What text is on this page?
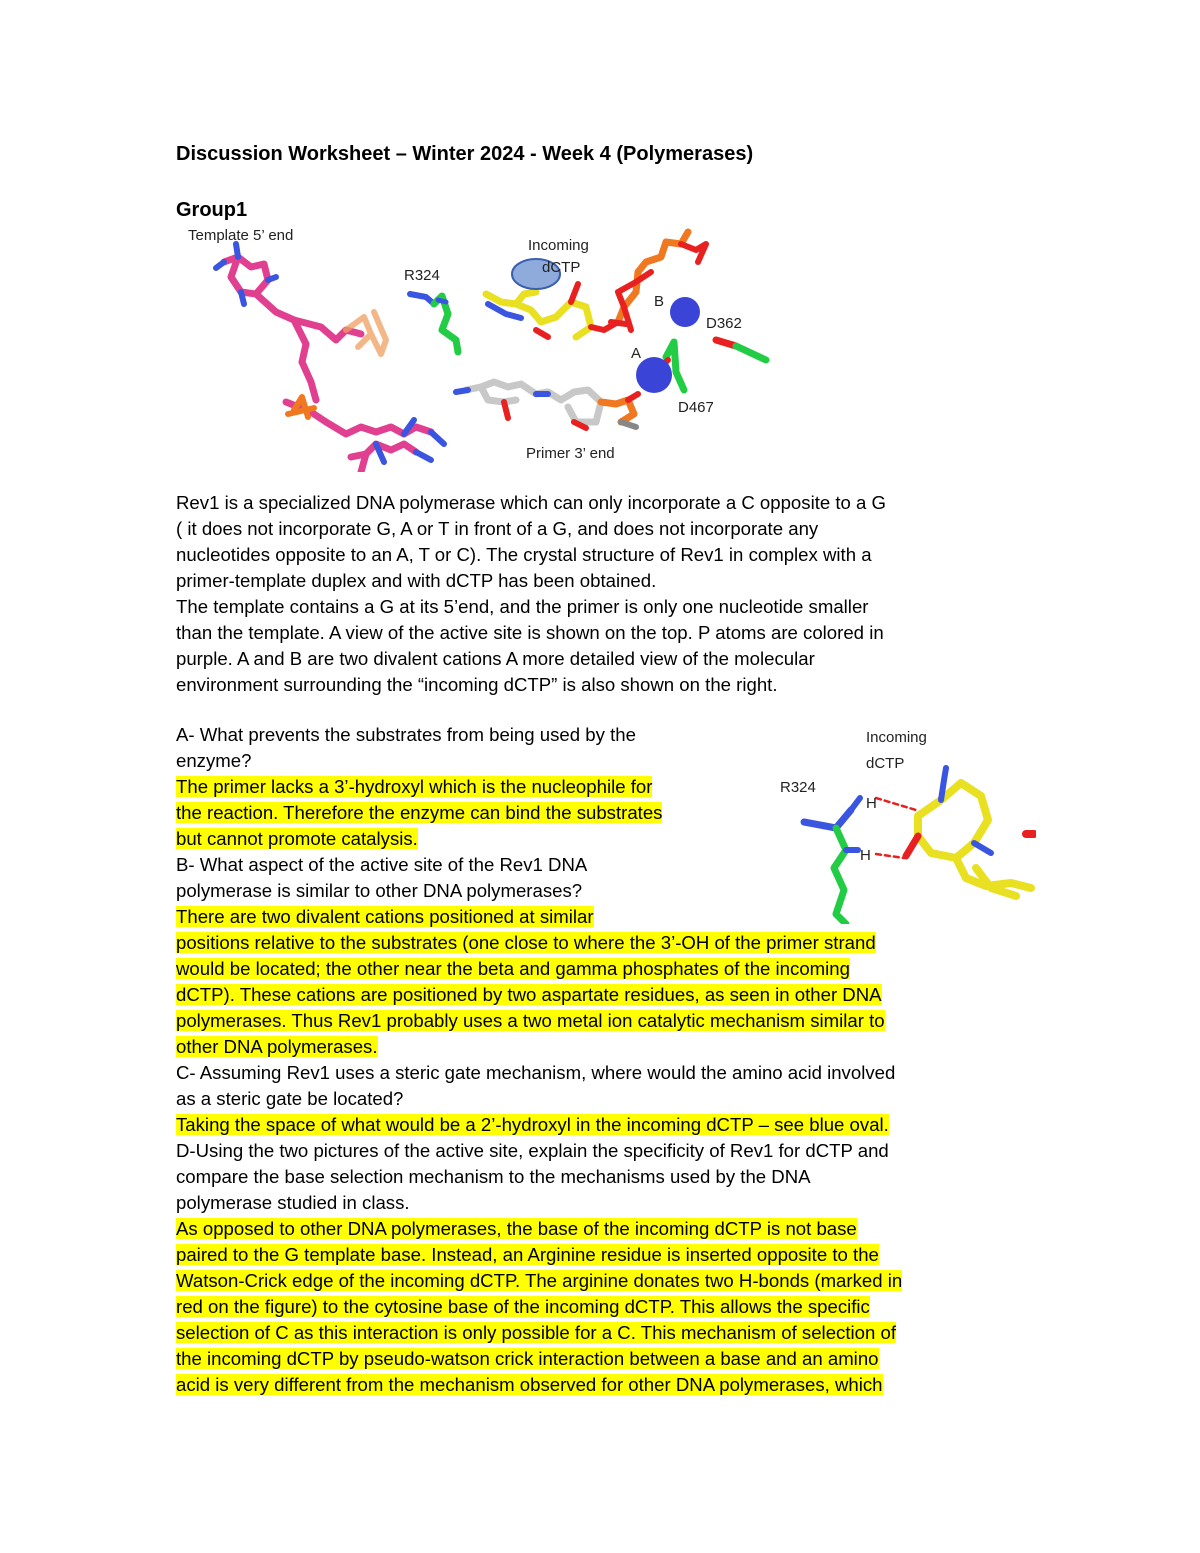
Discussion Worksheet – Winter 2024 - Week 4 (Polymerases)
Group1
Template 5’ end
R324
Incoming
dCTP
B
D362
A
D467
Primer 3’ end
Incoming
dCTP
R324
H
H
Rev1 is a specialized DNA polymerase which can only incorporate a C opposite to a G
( it does not incorporate G, A or T in front of a G, and does not incorporate any
nucleotides opposite to an A, T or C). The crystal structure of Rev1 in complex with a
primer-template duplex and with dCTP has been obtained.
The template contains a G at its 5’end, and the primer is only one nucleotide smaller
than the template. A view of the active site is shown on the top. P atoms are colored in
purple. A and B are two divalent cations A more detailed view of the molecular
environment surrounding the “incoming dCTP” is also shown on the right.
A- What prevents the substrates from being used by the
enzyme?
The primer lacks a 3’-hydroxyl which is the nucleophile for
the reaction. Therefore the enzyme can bind the substrates
but cannot promote catalysis.
B- What aspect of the active site of the Rev1 DNA
polymerase is similar to other DNA polymerases?
There are two divalent cations positioned at similar
positions relative to the substrates (one close to where the 3’-OH of the primer strand
would be located; the other near the beta and gamma phosphates of the incoming
dCTP). These cations are positioned by two aspartate residues, as seen in other DNA
polymerases. Thus Rev1 probably uses a two metal ion catalytic mechanism similar to
other DNA polymerases.
C- Assuming Rev1 uses a steric gate mechanism, where would the amino acid involved
as a steric gate be located?
Taking the space of what would be a 2’-hydroxyl in the incoming dCTP – see blue oval.
D-Using the two pictures of the active site, explain the specificity of Rev1 for dCTP and
compare the base selection mechanism to the mechanisms used by the DNA
polymerase studied in class.
As opposed to other DNA polymerases, the base of the incoming dCTP is not base
paired to the G template base. Instead, an Arginine residue is inserted opposite to the
Watson-Crick edge of the incoming dCTP. The arginine donates two H-bonds (marked in
red on the figure) to the cytosine base of the incoming dCTP. This allows the specific
selection of C as this interaction is only possible for a C. This mechanism of selection of
the incoming dCTP by pseudo-watson crick interaction between a base and an amino
acid is very different from the mechanism observed for other DNA polymerases, which
